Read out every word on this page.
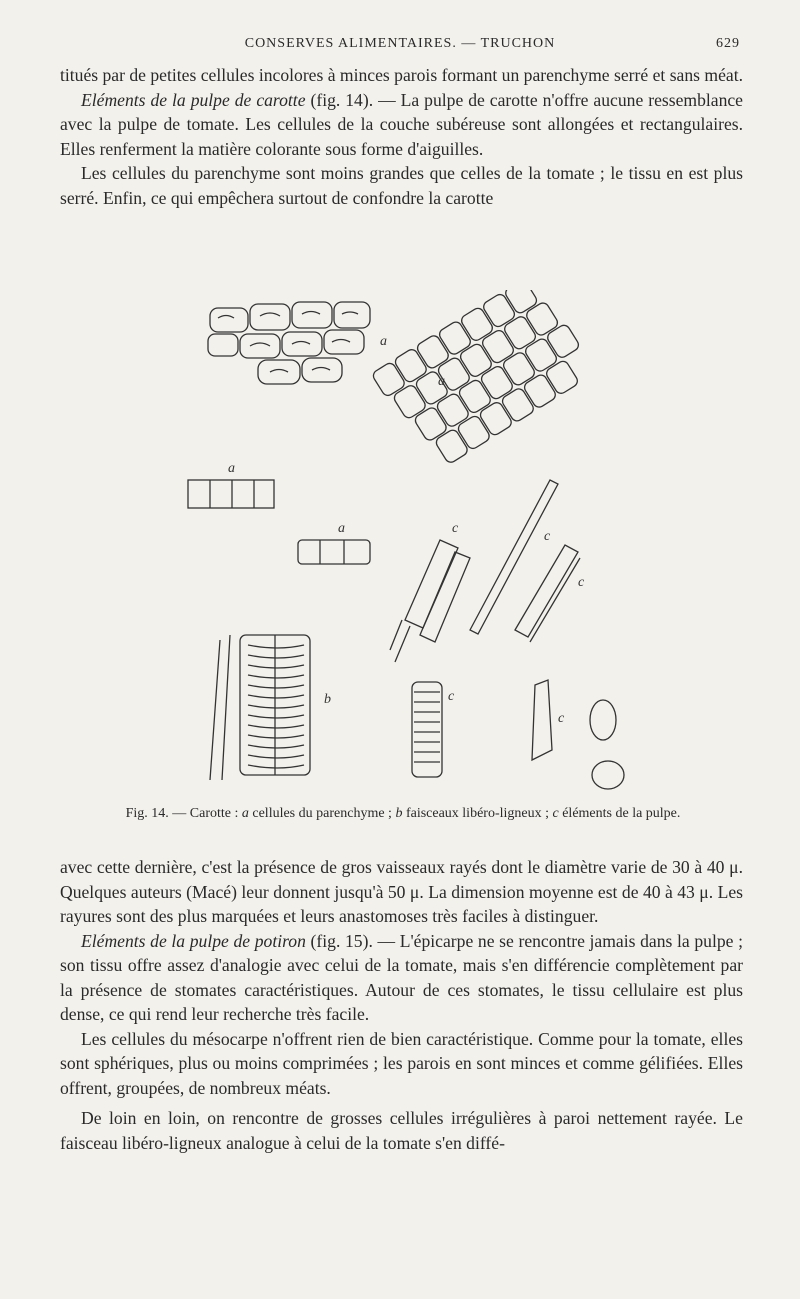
CONSERVES ALIMENTAIRES. — TRUCHON	629

titués par de petites cellules incolores à minces parois formant un parenchyme serré et sans méat.

Eléments de la pulpe de carotte (fig. 14). — La pulpe de carotte n'offre aucune ressemblance avec la pulpe de tomate. Les cellules de la couche subéreuse sont allongées et rectangulaires. Elles renferment la matière colorante sous forme d'aiguilles.

Les cellules du parenchyme sont moins grandes que celles de la tomate ; le tissu en est plus serré. Enfin, ce qui empêchera surtout de confondre la carotte

a
a
a
a	c
c
c
b	c
c
Fig. 14. — Carotte : a cellules du parenchyme ; b faisceaux libéro-ligneux ; c éléments de la pulpe.

avec cette dernière, c'est la présence de gros vaisseaux rayés dont le diamètre varie de 30 à 40 μ. Quelques auteurs (Macé) leur donnent jusqu'à 50 μ. La dimension moyenne est de 40 à 43 μ. Les rayures sont des plus marquées et leurs anastomoses très faciles à distinguer.

Eléments de la pulpe de potiron (fig. 15). — L'épicarpe ne se rencontre jamais dans la pulpe ; son tissu offre assez d'analogie avec celui de la tomate, mais s'en différencie complètement par la présence de stomates caractéristiques. Autour de ces stomates, le tissu cellulaire est plus dense, ce qui rend leur recherche très facile.

Les cellules du mésocarpe n'offrent rien de bien caractéristique. Comme pour la tomate, elles sont sphériques, plus ou moins comprimées ; les parois en sont minces et comme gélifiées. Elles offrent, groupées, de nombreux méats.

De loin en loin, on rencontre de grosses cellules irrégulières à paroi nettement rayée. Le faisceau libéro-ligneux analogue à celui de la tomate s'en diffé-
